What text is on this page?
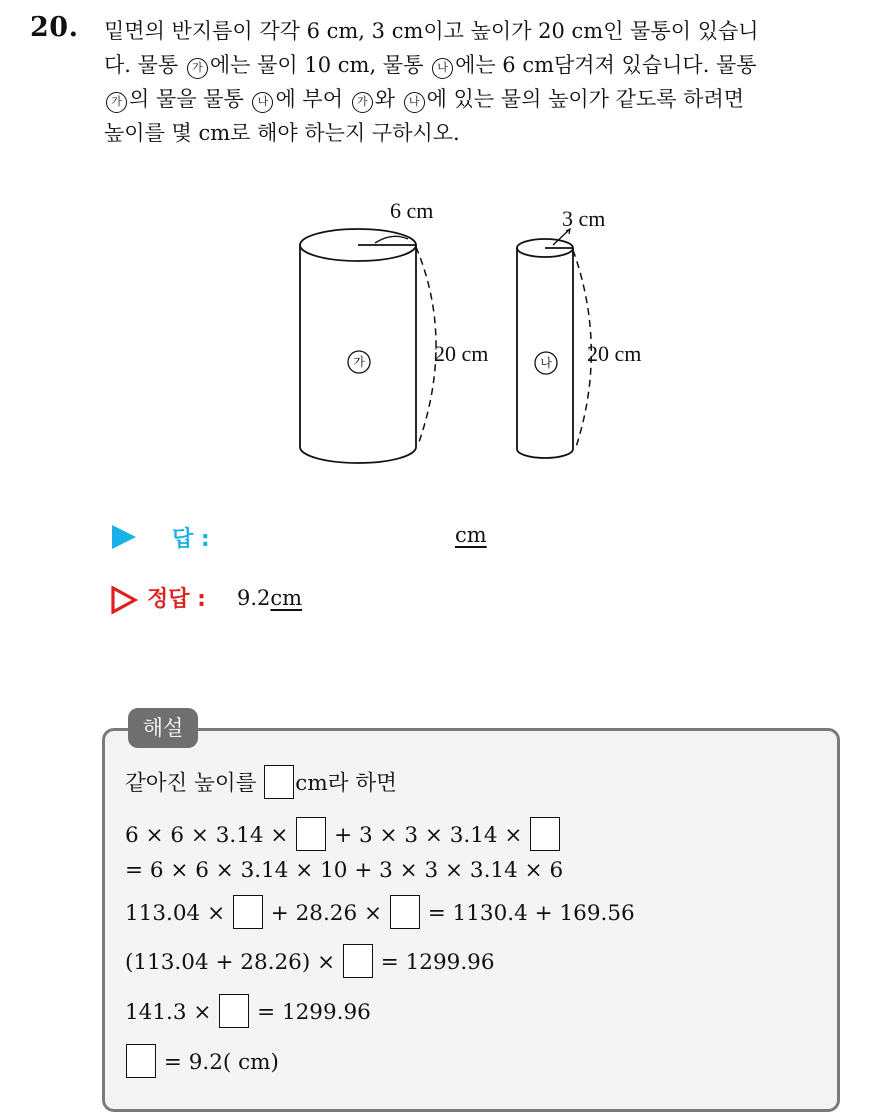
20. 밑면의 반지름이 각각 6 cm, 3 cm이고 높이가 20 cm인 물통이 있습니

다. 물통 가 에는 물이 10 cm, 물통 나 에는 6 cm담겨져 있습니다. 물통

가 의 물을 물통 나 에 부어 가 와 나 에 있는 물의 높이가 같도록 하려면

높이를 몇 cm로 해야 하는지 구하시오.

6 cm	3 cm
20 cm	20 cm
가	나
답 :	cm
정답 : 9.2cm
해설
같아진 높이를 cm라 하면
6 × 6 × 3.14 × + 3 × 3 × 3.14 ×
= 6 × 6 × 3.14 × 10 + 3 × 3 × 3.14 × 6
113.04 × + 28.26 × = 1130.4 + 169.56
(113.04 + 28.26) × = 1299.96
141.3 × = 1299.96
= 9.2( cm)
